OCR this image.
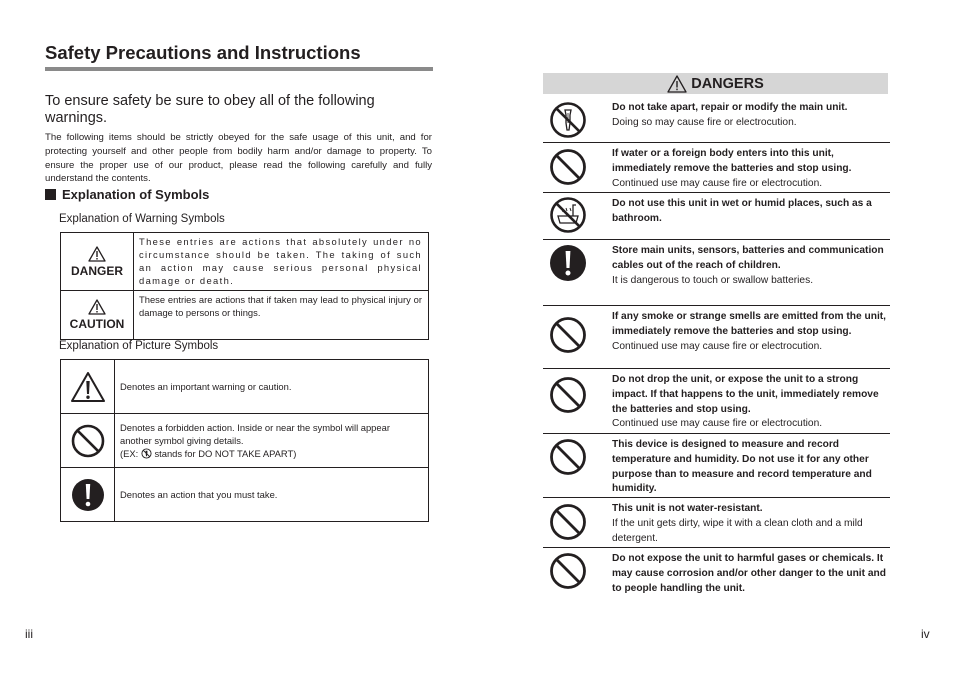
Safety Precautions and Instructions
To ensure safety be sure to obey all of the following warnings.
The following items should be strictly obeyed for the safe usage of this unit, and for protecting yourself and other people from bodily harm and/or damage to property. To ensure the proper use of our product, please read the following carefully and fully understand the contents.
Explanation of Symbols
Explanation of Warning Symbols
DANGER	These entries are actions that absolutely under no circumstance should be taken. The taking of such an action may cause serious personal physical damage or death.

CAUTION	These entries are actions that if taken may lead to physical injury or damage to persons or things.
Explanation of Picture Symbols
	Denotes an important warning or caution.

	Denotes a forbidden action. Inside or near the symbol will appear another symbol giving details.
(EX: stands for DO NOT TAKE APART)

	Denotes an action that you must take.
iii
DANGERS
Do not take apart, repair or modify the main unit.
Doing so may cause fire or electrocution.
If water or a foreign body enters into this unit, immediately remove the batteries and stop using.
Continued use may cause fire or electrocution.
Do not use this unit in wet or humid places, such as a bathroom.
Store main units, sensors, batteries and communication cables out of the reach of children.
It is dangerous to touch or swallow batteries.
If any smoke or strange smells are emitted from the unit, immediately remove the batteries and stop using.
Continued use may cause fire or electrocution.
Do not drop the unit, or expose the unit to a strong impact. If that happens to the unit, immediately remove the batteries and stop using.
Continued use may cause fire or electrocution.
This device is designed to measure and record temperature and humidity. Do not use it for any other purpose than to measure and record temperature and humidity.
This unit is not water-resistant.
If the unit gets dirty, wipe it with a clean cloth and a mild detergent.
Do not expose the unit to harmful gases or chemicals. It may cause corrosion and/or other danger to the unit and to people handling the unit.
iv
